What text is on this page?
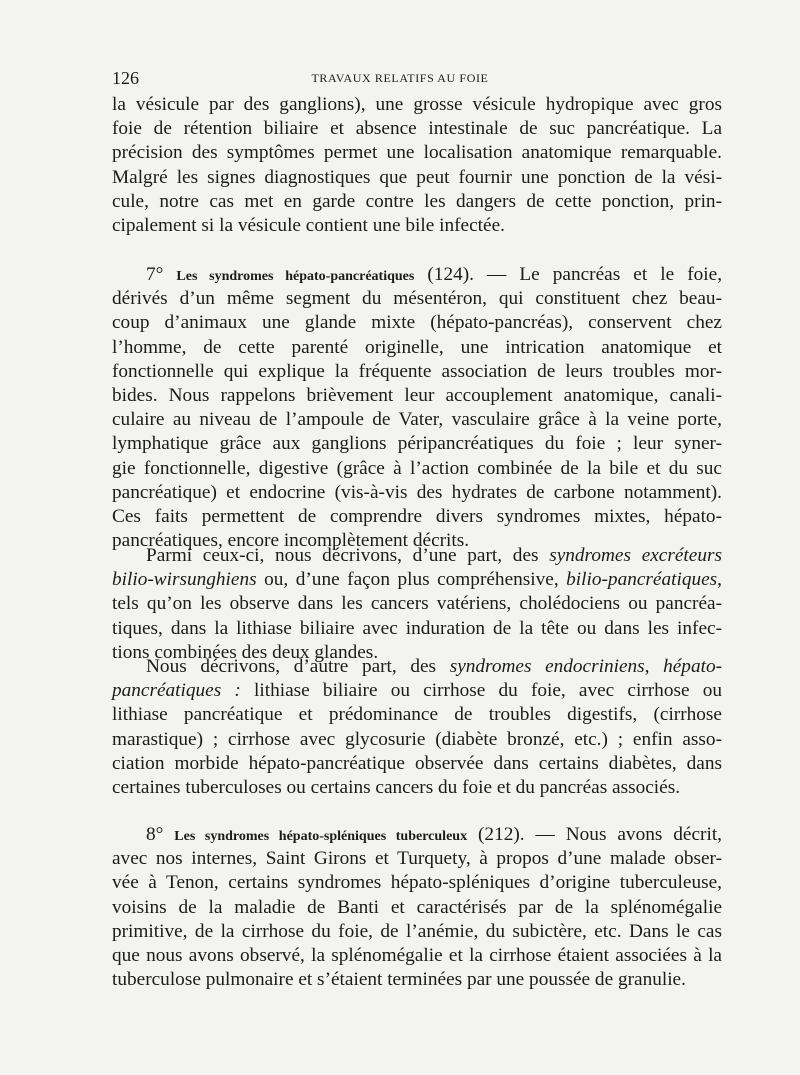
126	TRAVAUX RELATIFS AU FOIE
la vésicule par des ganglions), une grosse vésicule hydropique avec gros
foie de rétention biliaire et absence intestinale de suc pancréatique. La
précision des symptômes permet une localisation anatomique remarquable.
Malgré les signes diagnostiques que peut fournir une ponction de la vési-
cule, notre cas met en garde contre les dangers de cette ponction, prin-
cipalement si la vésicule contient une bile infectée.
7° Les syndromes hépato-pancréatiques (124). — Le pancréas et le foie,
dérivés d’un même segment du mésentéron, qui constituent chez beau-
coup d’animaux une glande mixte (hépato-pancréas), conservent chez
l’homme, de cette parenté originelle, une intrication anatomique et
fonctionnelle qui explique la fréquente association de leurs troubles mor-
bides. Nous rappelons brièvement leur accouplement anatomique, canali-
culaire au niveau de l’ampoule de Vater, vasculaire grâce à la veine porte,
lymphatique grâce aux ganglions péripancréatiques du foie ; leur syner-
gie fonctionnelle, digestive (grâce à l’action combinée de la bile et du suc
pancréatique) et endocrine (vis-à-vis des hydrates de carbone notamment).
Ces faits permettent de comprendre divers syndromes mixtes, hépato-
pancréatiques, encore incomplètement décrits.
Parmi ceux-ci, nous décrivons, d’une part, des syndromes excréteurs
bilio-wirsunghiens ou, d’une façon plus compréhensive, bilio-pancréatiques,
tels qu’on les observe dans les cancers vatériens, cholédociens ou pancréa-
tiques, dans la lithiase biliaire avec induration de la tête ou dans les infec-
tions combinées des deux glandes.
Nous décrivons, d’autre part, des syndromes endocriniens, hépato-
pancréatiques : lithiase biliaire ou cirrhose du foie, avec cirrhose ou
lithiase pancréatique et prédominance de troubles digestifs, (cirrhose
marastique) ; cirrhose avec glycosurie (diabète bronzé, etc.) ; enfin asso-
ciation morbide hépato-pancréatique observée dans certains diabètes, dans
certaines tuberculoses ou certains cancers du foie et du pancréas associés.
8° Les syndromes hépato-spléniques tuberculeux (212). — Nous avons décrit,
avec nos internes, Saint Girons et Turquety, à propos d’une malade obser-
vée à Tenon, certains syndromes hépato-spléniques d’origine tuberculeuse,
voisins de la maladie de Banti et caractérisés par de la splénomégalie
primitive, de la cirrhose du foie, de l’anémie, du subictère, etc. Dans le cas
que nous avons observé, la splénomégalie et la cirrhose étaient associées à la
tuberculose pulmonaire et s’étaient terminées par une poussée de granulie.
